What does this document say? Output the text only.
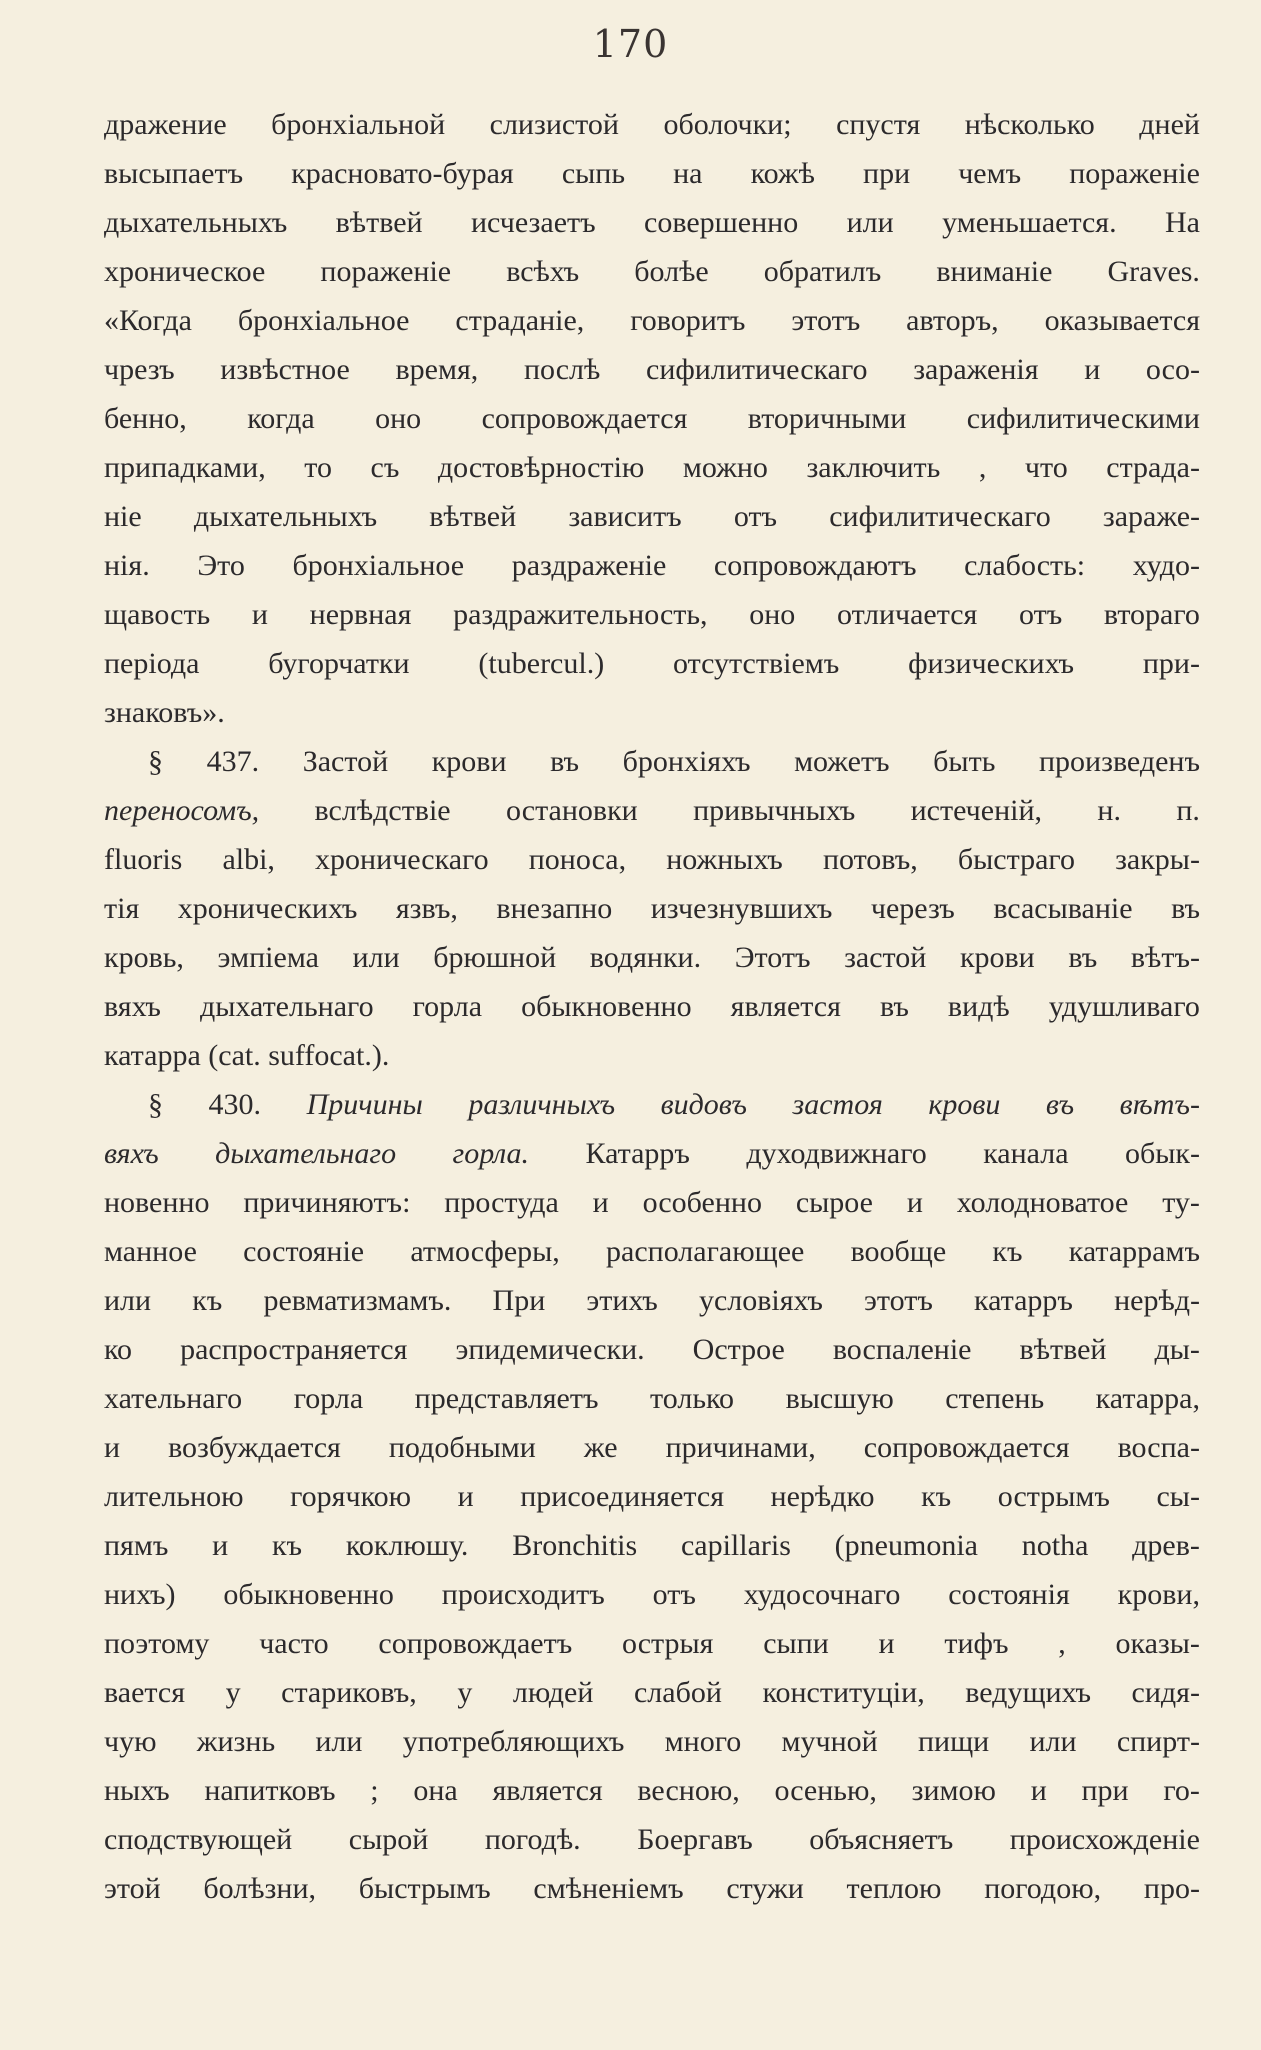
170
дражение бронхіальной слизистой оболочки; спустя нѣсколько дней
высыпаетъ красновато-бурая сыпь на кожѣ при чемъ пораженіе
дыхательныхъ вѣтвей исчезаетъ совершенно или уменьшается. На
хроническое пораженіе всѣхъ болѣе обратилъ вниманіе Graves.
«Когда бронхіальное страданіе, говоритъ этотъ авторъ, оказывается
чрезъ извѣстное время, послѣ сифилитическаго зараженія и осо-
бенно, когда оно сопровождается вторичными сифилитическими
припадками, то съ достовѣрностію можно заключить , что страда-
ніе дыхательныхъ вѣтвей зависитъ отъ сифилитическаго зараже-
нія. Это бронхіальное раздраженіе сопровождаютъ слабость: худо-
щавость и нервная раздражительность, оно отличается отъ втораго
періода бугорчатки (tubercul.) отсутствіемъ физическихъ при-
знаковъ».
§ 437. Застой крови въ бронхіяхъ можетъ быть произведенъ
переносомъ, вслѣдствіе остановки привычныхъ истеченій, н. п.
fluoris albi, хроническаго поноса, ножныхъ потовъ, быстраго закры-
тія хроническихъ язвъ, внезапно изчезнувшихъ черезъ всасываніе въ
кровь, эмпіема или брюшной водянки. Этотъ застой крови въ вѣтъ-
вяхъ дыхательнаго горла обыкновенно является въ видѣ удушливаго
катарра
(cat.
suffocat.).
§ 430. Причины различныхъ видовъ застоя крови въ вѣтъ-
вяхъ дыхательнаго горла. Катарръ духодвижнаго канала обык-
новенно причиняютъ: простуда и особенно сырое и холодноватое ту-
манное состояніе атмосферы, располагающее вообще къ катаррамъ
или къ ревматизмамъ. При этихъ условіяхъ этотъ катарръ нерѣд-
ко распространяется эпидемически. Острое воспаленіе вѣтвей ды-
хательнаго горла представляетъ только высшую степень катарра,
и возбуждается подобными же причинами, сопровождается воспа-
лительною горячкою и присоединяется нерѣдко къ острымъ сы-
пямъ и къ коклюшу. Bronchitis capillaris (pneumonia notha древ-
нихъ) обыкновенно происходитъ отъ худосочнаго состоянія крови,
поэтому часто сопровождаетъ острыя сыпи и тифъ , оказы-
вается у стариковъ, у людей слабой конституціи, ведущихъ сидя-
чую жизнь или употребляющихъ много мучной пищи или спирт-
ныхъ напитковъ ; она является весною, осенью, зимою и при го-
сподствующей сырой погодѣ. Боергавъ объясняетъ происхожденіе
этой болѣзни, быстрымъ смѣненіемъ стужи теплою погодою, про-
